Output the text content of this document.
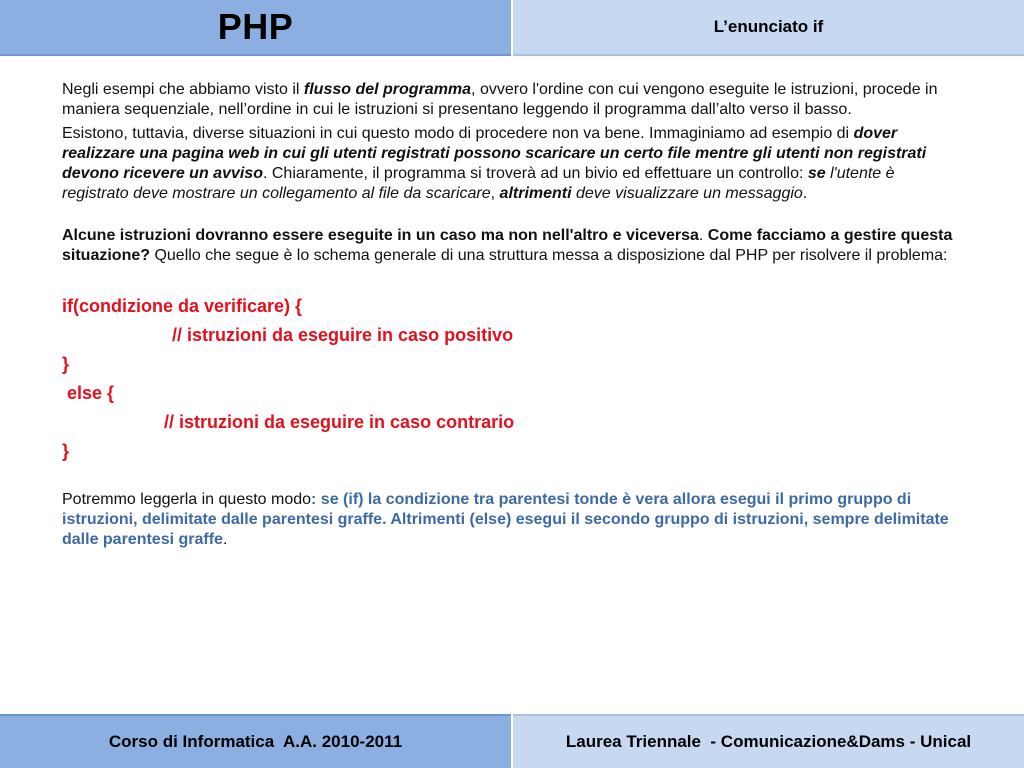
PHP	L’enunciato if

Negli esempi che abbiamo visto il flusso del programma, ovvero l'ordine con cui vengono eseguite le istruzioni, procede in maniera sequenziale, nell’ordine in cui le istruzioni si presentano leggendo il programma dall’alto verso il basso.

Esistono, tuttavia, diverse situazioni in cui questo modo di procedere non va bene. Immaginiamo ad esempio di dover realizzare una pagina web in cui gli utenti registrati possono scaricare un certo file mentre gli utenti non registrati devono ricevere un avviso. Chiaramente, il programma si troverà ad un bivio ed effettuare un controllo: se l'utente è registrato deve mostrare un collegamento al file da scaricare, altrimenti deve visualizzare un messaggio.

Alcune istruzioni dovranno essere eseguite in un caso ma non nell'altro e viceversa. Come facciamo a gestire questa situazione? Quello che segue è lo schema generale di una struttura messa a disposizione dal PHP per risolvere il problema:

if(condizione da verificare) {
// istruzioni da eseguire in caso positivo
}
else {
// istruzioni da eseguire in caso contrario
}

Potremmo leggerla in questo modo: se (if) la condizione tra parentesi tonde è vera allora esegui il primo gruppo di istruzioni, delimitate dalle parentesi graffe. Altrimenti (else) esegui il secondo gruppo di istruzioni, sempre delimitate dalle parentesi graffe.

Corso di Informatica  A.A. 2010-2011	Laurea Triennale  - Comunicazione&Dams - Unical
